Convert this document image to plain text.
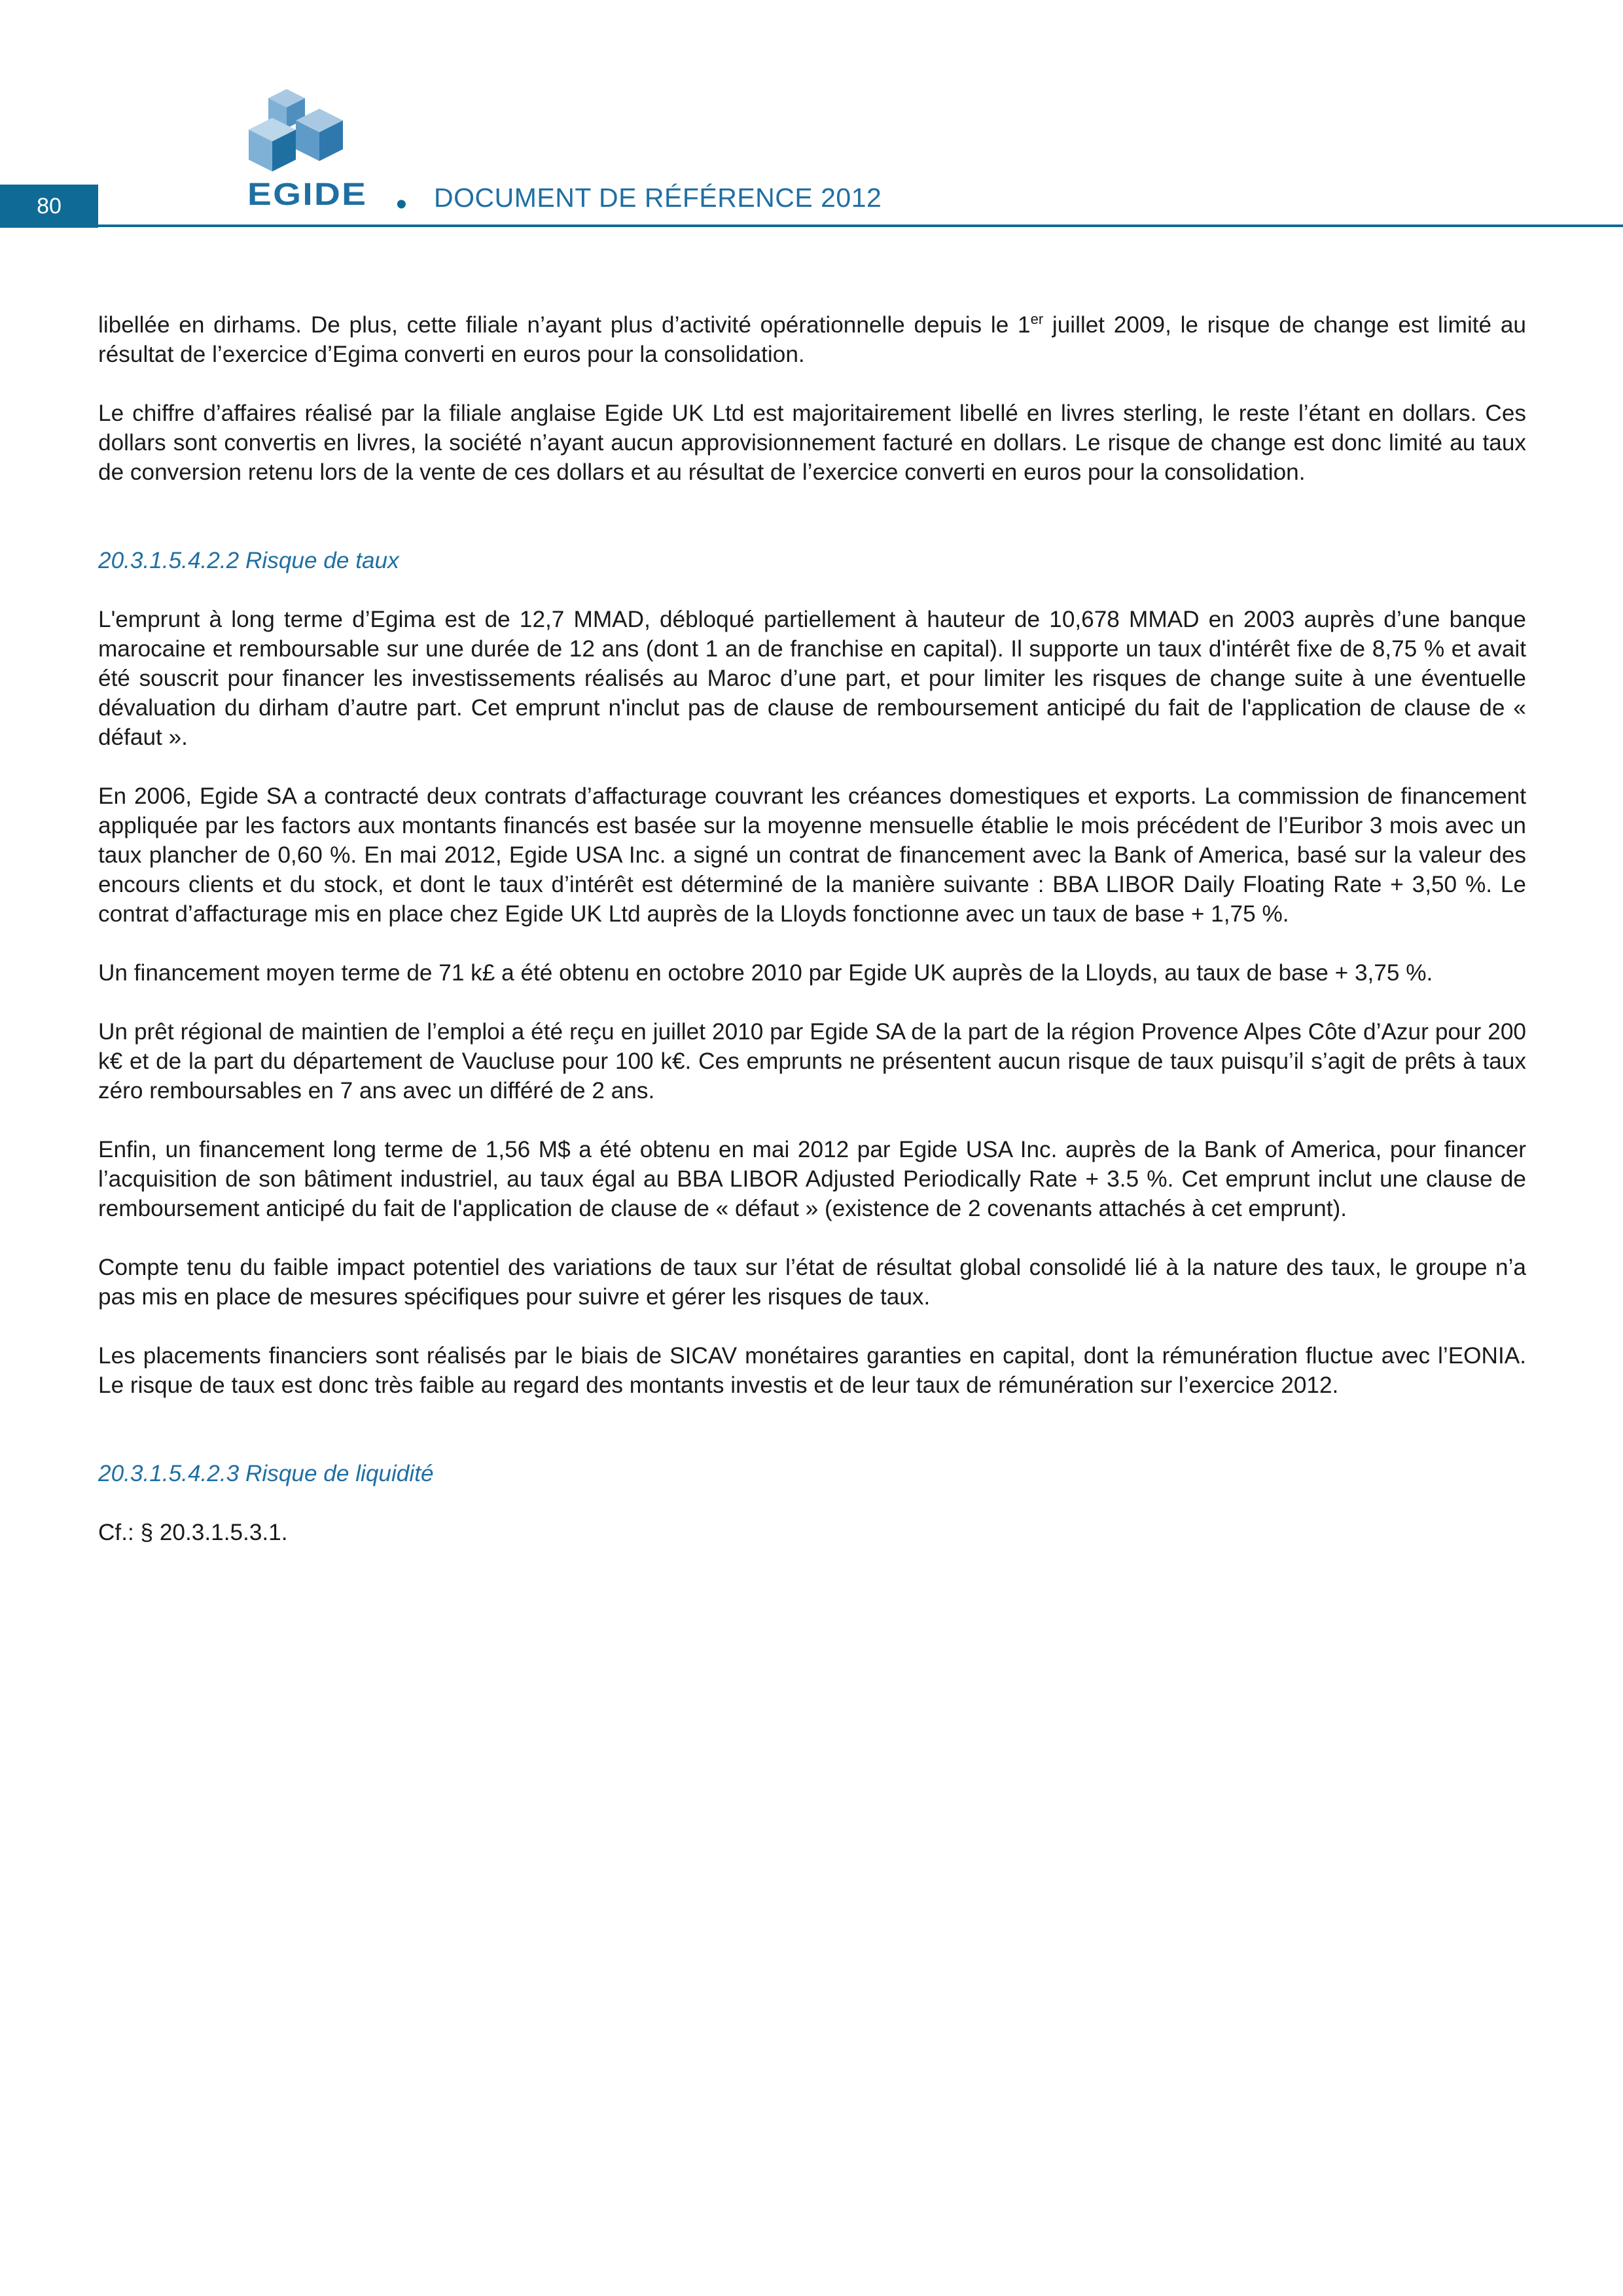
80	EGIDE • DOCUMENT DE RÉFÉRENCE 2012

libellée en dirhams. De plus, cette filiale n’ayant plus d’activité opérationnelle depuis le 1er juillet 2009, le risque de change est limité au résultat de l’exercice d’Egima converti en euros pour la consolidation.

Le chiffre d’affaires réalisé par la filiale anglaise Egide UK Ltd est majoritairement libellé en livres sterling, le reste l’étant en dollars. Ces dollars sont convertis en livres, la société n’ayant aucun approvisionnement facturé en dollars. Le risque de change est donc limité au taux de conversion retenu lors de la vente de ces dollars et au résultat de l’exercice converti en euros pour la consolidation.

20.3.1.5.4.2.2 Risque de taux

L'emprunt à long terme d’Egima est de 12,7 MMAD, débloqué partiellement à hauteur de 10,678 MMAD en 2003 auprès d’une banque marocaine et remboursable sur une durée de 12 ans (dont 1 an de franchise en capital). Il supporte un taux d'intérêt fixe de 8,75 % et avait été souscrit pour financer les investissements réalisés au Maroc d’une part, et pour limiter les risques de change suite à une éventuelle dévaluation du dirham d’autre part. Cet emprunt n'inclut pas de clause de remboursement anticipé du fait de l'application de clause de « défaut ».

En 2006, Egide SA a contracté deux contrats d’affacturage couvrant les créances domestiques et exports. La commission de financement appliquée par les factors aux montants financés est basée sur la moyenne mensuelle établie le mois précédent de l’Euribor 3 mois avec un taux plancher de 0,60 %. En mai 2012, Egide USA Inc. a signé un contrat de financement avec la Bank of America, basé sur la valeur des encours clients et du stock, et dont le taux d’intérêt est déterminé de la manière suivante : BBA LIBOR Daily Floating Rate + 3,50 %. Le contrat d’affacturage mis en place chez Egide UK Ltd auprès de la Lloyds fonctionne avec un taux de base + 1,75 %.

Un financement moyen terme de 71 k£ a été obtenu en octobre 2010 par Egide UK auprès de la Lloyds, au taux de base + 3,75 %.

Un prêt régional de maintien de l’emploi a été reçu en juillet 2010 par Egide SA de la part de la région Provence Alpes Côte d’Azur pour 200 k€ et de la part du département de Vaucluse pour 100 k€. Ces emprunts ne présentent aucun risque de taux puisqu’il s’agit de prêts à taux zéro remboursables en 7 ans avec un différé de 2 ans.

Enfin, un financement long terme de 1,56 M$ a été obtenu en mai 2012 par Egide USA Inc. auprès de la Bank of America, pour financer l’acquisition de son bâtiment industriel, au taux égal au BBA LIBOR Adjusted Periodically Rate + 3.5 %. Cet emprunt inclut une clause de remboursement anticipé du fait de l'application de clause de « défaut » (existence de 2 covenants attachés à cet emprunt).

Compte tenu du faible impact potentiel des variations de taux sur l’état de résultat global consolidé lié à la nature des taux, le groupe n’a pas mis en place de mesures spécifiques pour suivre et gérer les risques de taux.

Les placements financiers sont réalisés par le biais de SICAV monétaires garanties en capital, dont la rémunération fluctue avec l’EONIA. Le risque de taux est donc très faible au regard des montants investis et de leur taux de rémunération sur l’exercice 2012.

20.3.1.5.4.2.3 Risque de liquidité

Cf.: § 20.3.1.5.3.1.
